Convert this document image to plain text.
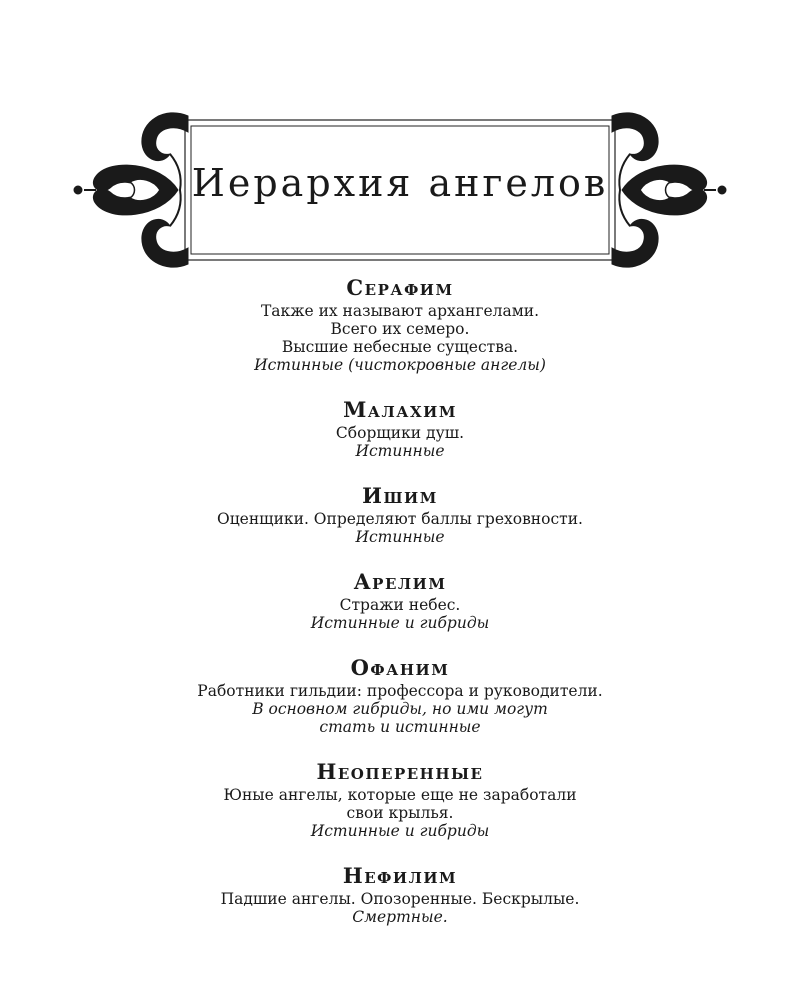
Иерархия ангелов
Серафим
Также их называют архангелами.
Всего их семеро.
Высшие небесные существа.
Истинные (чистокровные ангелы)
Малахим
Сборщики душ.
Истинные
Ишим
Оценщики. Определяют баллы греховности.
Истинные
Арелим
Стражи небес.
Истинные и гибриды
Офаним
Работники гильдии: профессора и руководители.
В основном гибриды, но ими могут
стать и истинные
Неоперенные
Юные ангелы, которые еще не заработали
свои крылья.
Истинные и гибриды
Нефилим
Падшие ангелы. Опозоренные. Бескрылые.
Смертные.
